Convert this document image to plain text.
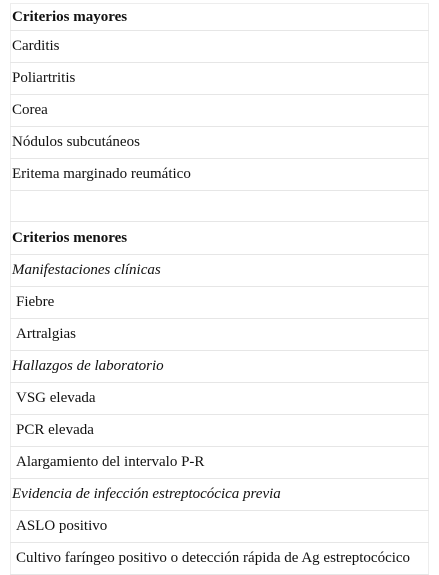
Criterios mayores
Carditis
Poliartritis
Corea
Nódulos subcutáneos
Eritema marginado reumático

Criterios menores
Manifestaciones clínicas
Fiebre
Artralgias
Hallazgos de laboratorio
VSG elevada
PCR elevada
Alargamiento del intervalo P-R
Evidencia de infección estreptocócica previa
ASLO positivo
Cultivo faríngeo positivo o detección rápida de Ag estreptocócico
